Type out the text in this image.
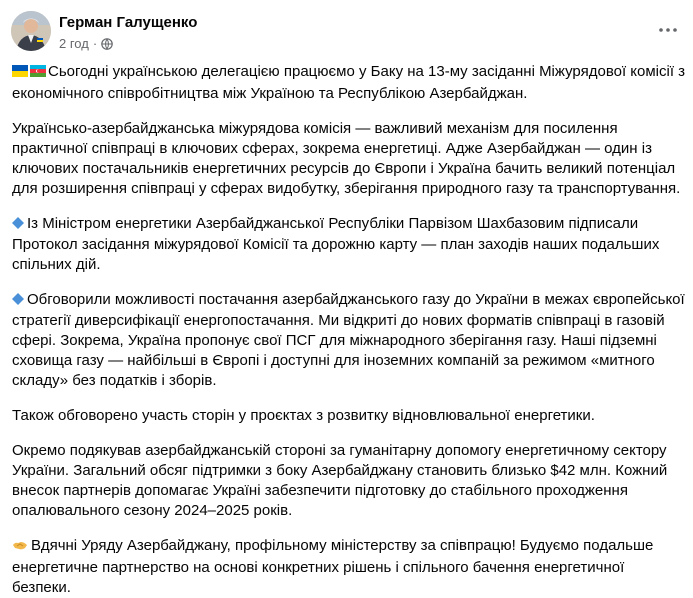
Герман Галущенко
2 год ·

Сьогодні українською делегацією працюємо у Баку на 13-му засіданні Міжурядової комісії з економічного співробітництва між Україною та Республікою Азербайджан.

Українсько-азербайджанська міжурядова комісія — важливий механізм для посилення практичної співпраці в ключових сферах, зокрема енергетиці. Адже Азербайджан — один із ключових постачальників енергетичних ресурсів до Європи і Україна бачить великий потенціал для розширення співпраці у сферах видобутку, зберігання природного газу та транспортування.

Із Міністром енергетики Азербайджанської Республіки Парвізом Шахбазовим підписали Протокол засідання міжурядової Комісії та дорожню карту — план заходів наших подальших спільних дій.

Обговорили можливості постачання азербайджанського газу до України в межах європейської стратегії диверсифікації енергопостачання. Ми відкриті до нових форматів співпраці в газовій сфері. Зокрема, Україна пропонує свої ПСГ для міжнародного зберігання газу. Наші підземні сховища газу — найбільші в Європі і доступні для іноземних компаній за режимом «митного складу» без податків і зборів.

Також обговорено участь сторін у проєктах з розвитку відновлювальної енергетики.

Окремо подякував азербайджанській стороні за гуманітарну допомогу енергетичному сектору України. Загальний обсяг підтримки з боку Азербайджану становить близько $42 млн. Кожний внесок партнерів допомагає Україні забезпечити підготовку до стабільного проходження опалювального сезону 2024–2025 років.

Вдячні Уряду Азербайджану, профільному міністерству за співпрацю! Будуємо подальше енергетичне партнерство на основі конкретних рішень і спільного бачення енергетичної безпеки.
